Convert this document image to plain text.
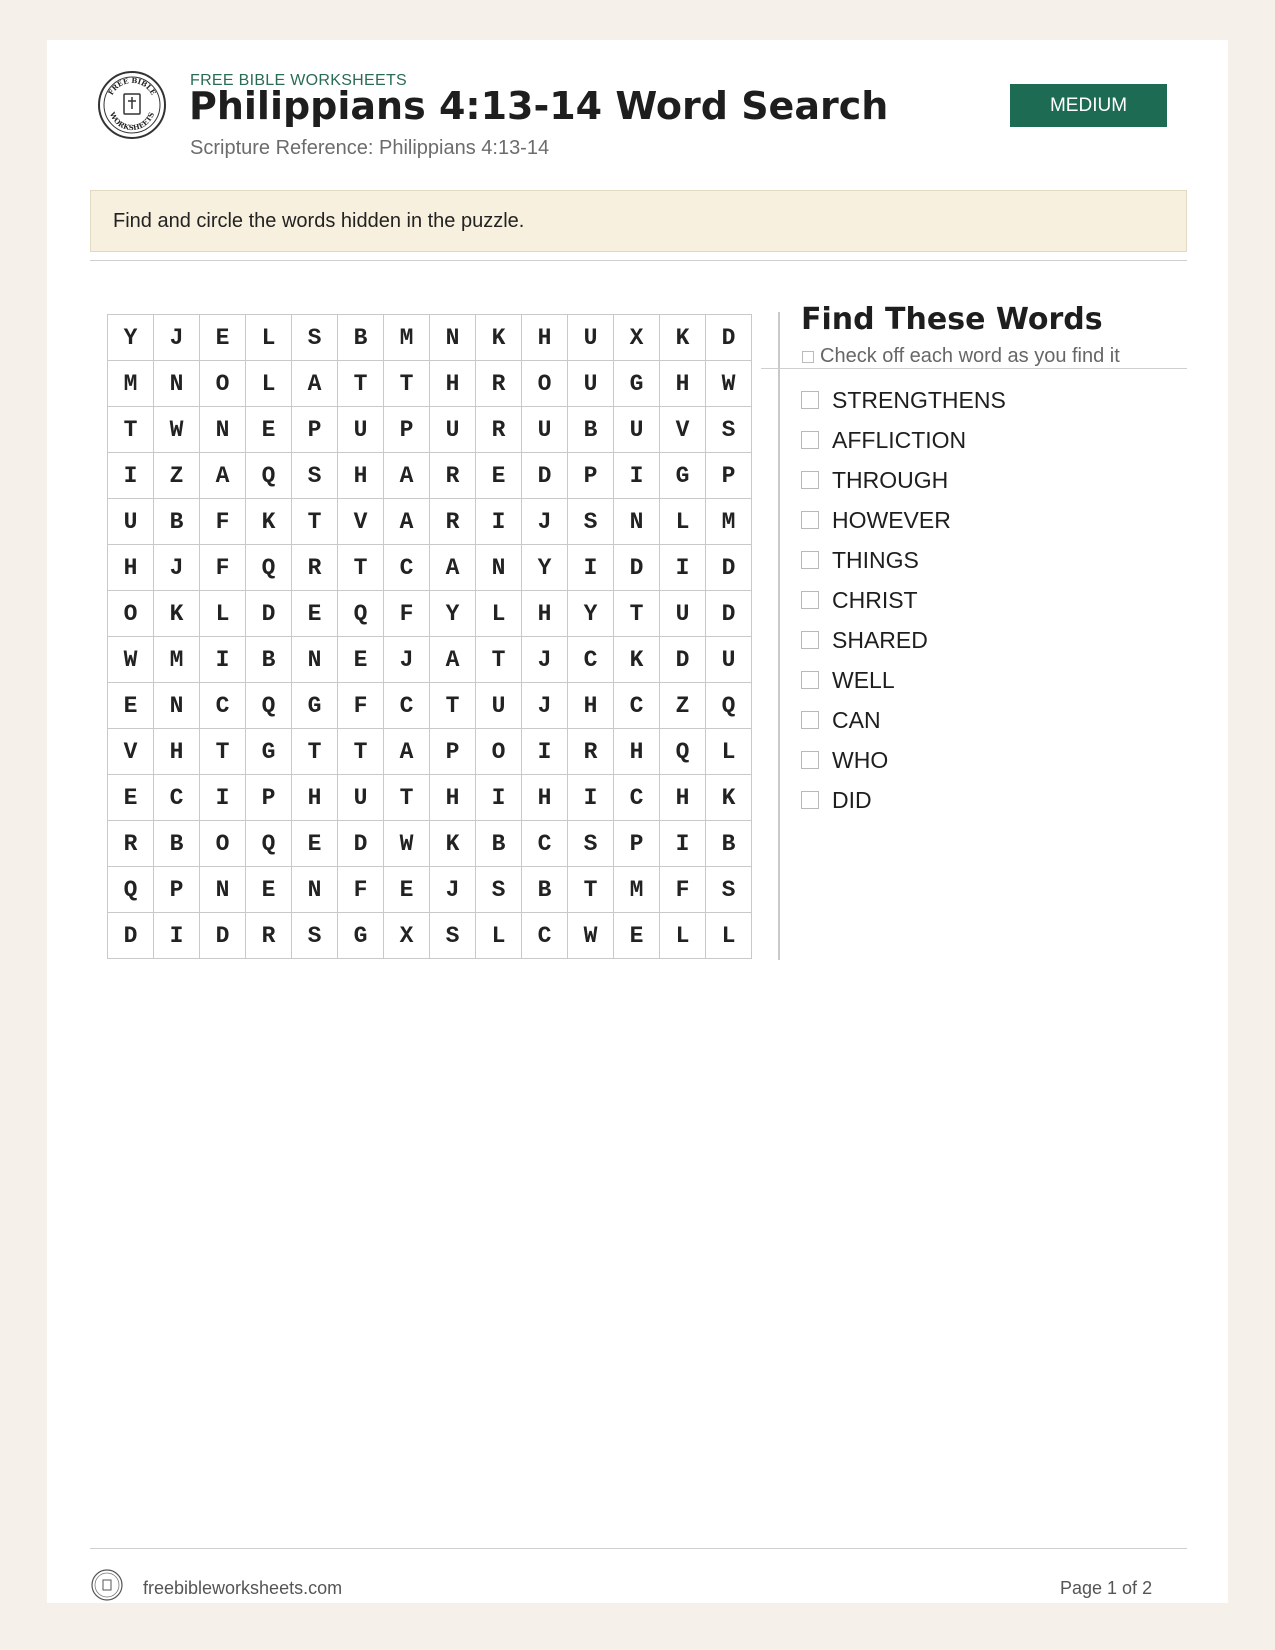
FREE BIBLE
WORKSHEETS
FREE BIBLE WORKSHEETS
Philippians 4:13-14 Word Search
Scripture Reference: Philippians 4:13-14
MEDIUM
Find and circle the words hidden in the puzzle.
Y	J	E	L	S	B	M	N	K	H	U	X	K	D
M	N	O	L	A	T	T	H	R	O	U	G	H	W
T	W	N	E	P	U	P	U	R	U	B	U	V	S
I	Z	A	Q	S	H	A	R	E	D	P	I	G	P
U	B	F	K	T	V	A	R	I	J	S	N	L	M
H	J	F	Q	R	T	C	A	N	Y	I	D	I	D
O	K	L	D	E	Q	F	Y	L	H	Y	T	U	D
W	M	I	B	N	E	J	A	T	J	C	K	D	U
E	N	C	Q	G	F	C	T	U	J	H	C	Z	Q
V	H	T	G	T	T	A	P	O	I	R	H	Q	L
E	C	I	P	H	U	T	H	I	H	I	C	H	K
R	B	O	Q	E	D	W	K	B	C	S	P	I	B
Q	P	N	E	N	F	E	J	S	B	T	M	F	S
D	I	D	R	S	G	X	S	L	C	W	E	L	L
Find These Words
Check off each word as you find it
STRENGTHENS
AFFLICTION
THROUGH
HOWEVER
THINGS
CHRIST
SHARED
WELL
CAN
WHO
DID
freebibleworksheets.com	Page 1 of 2
